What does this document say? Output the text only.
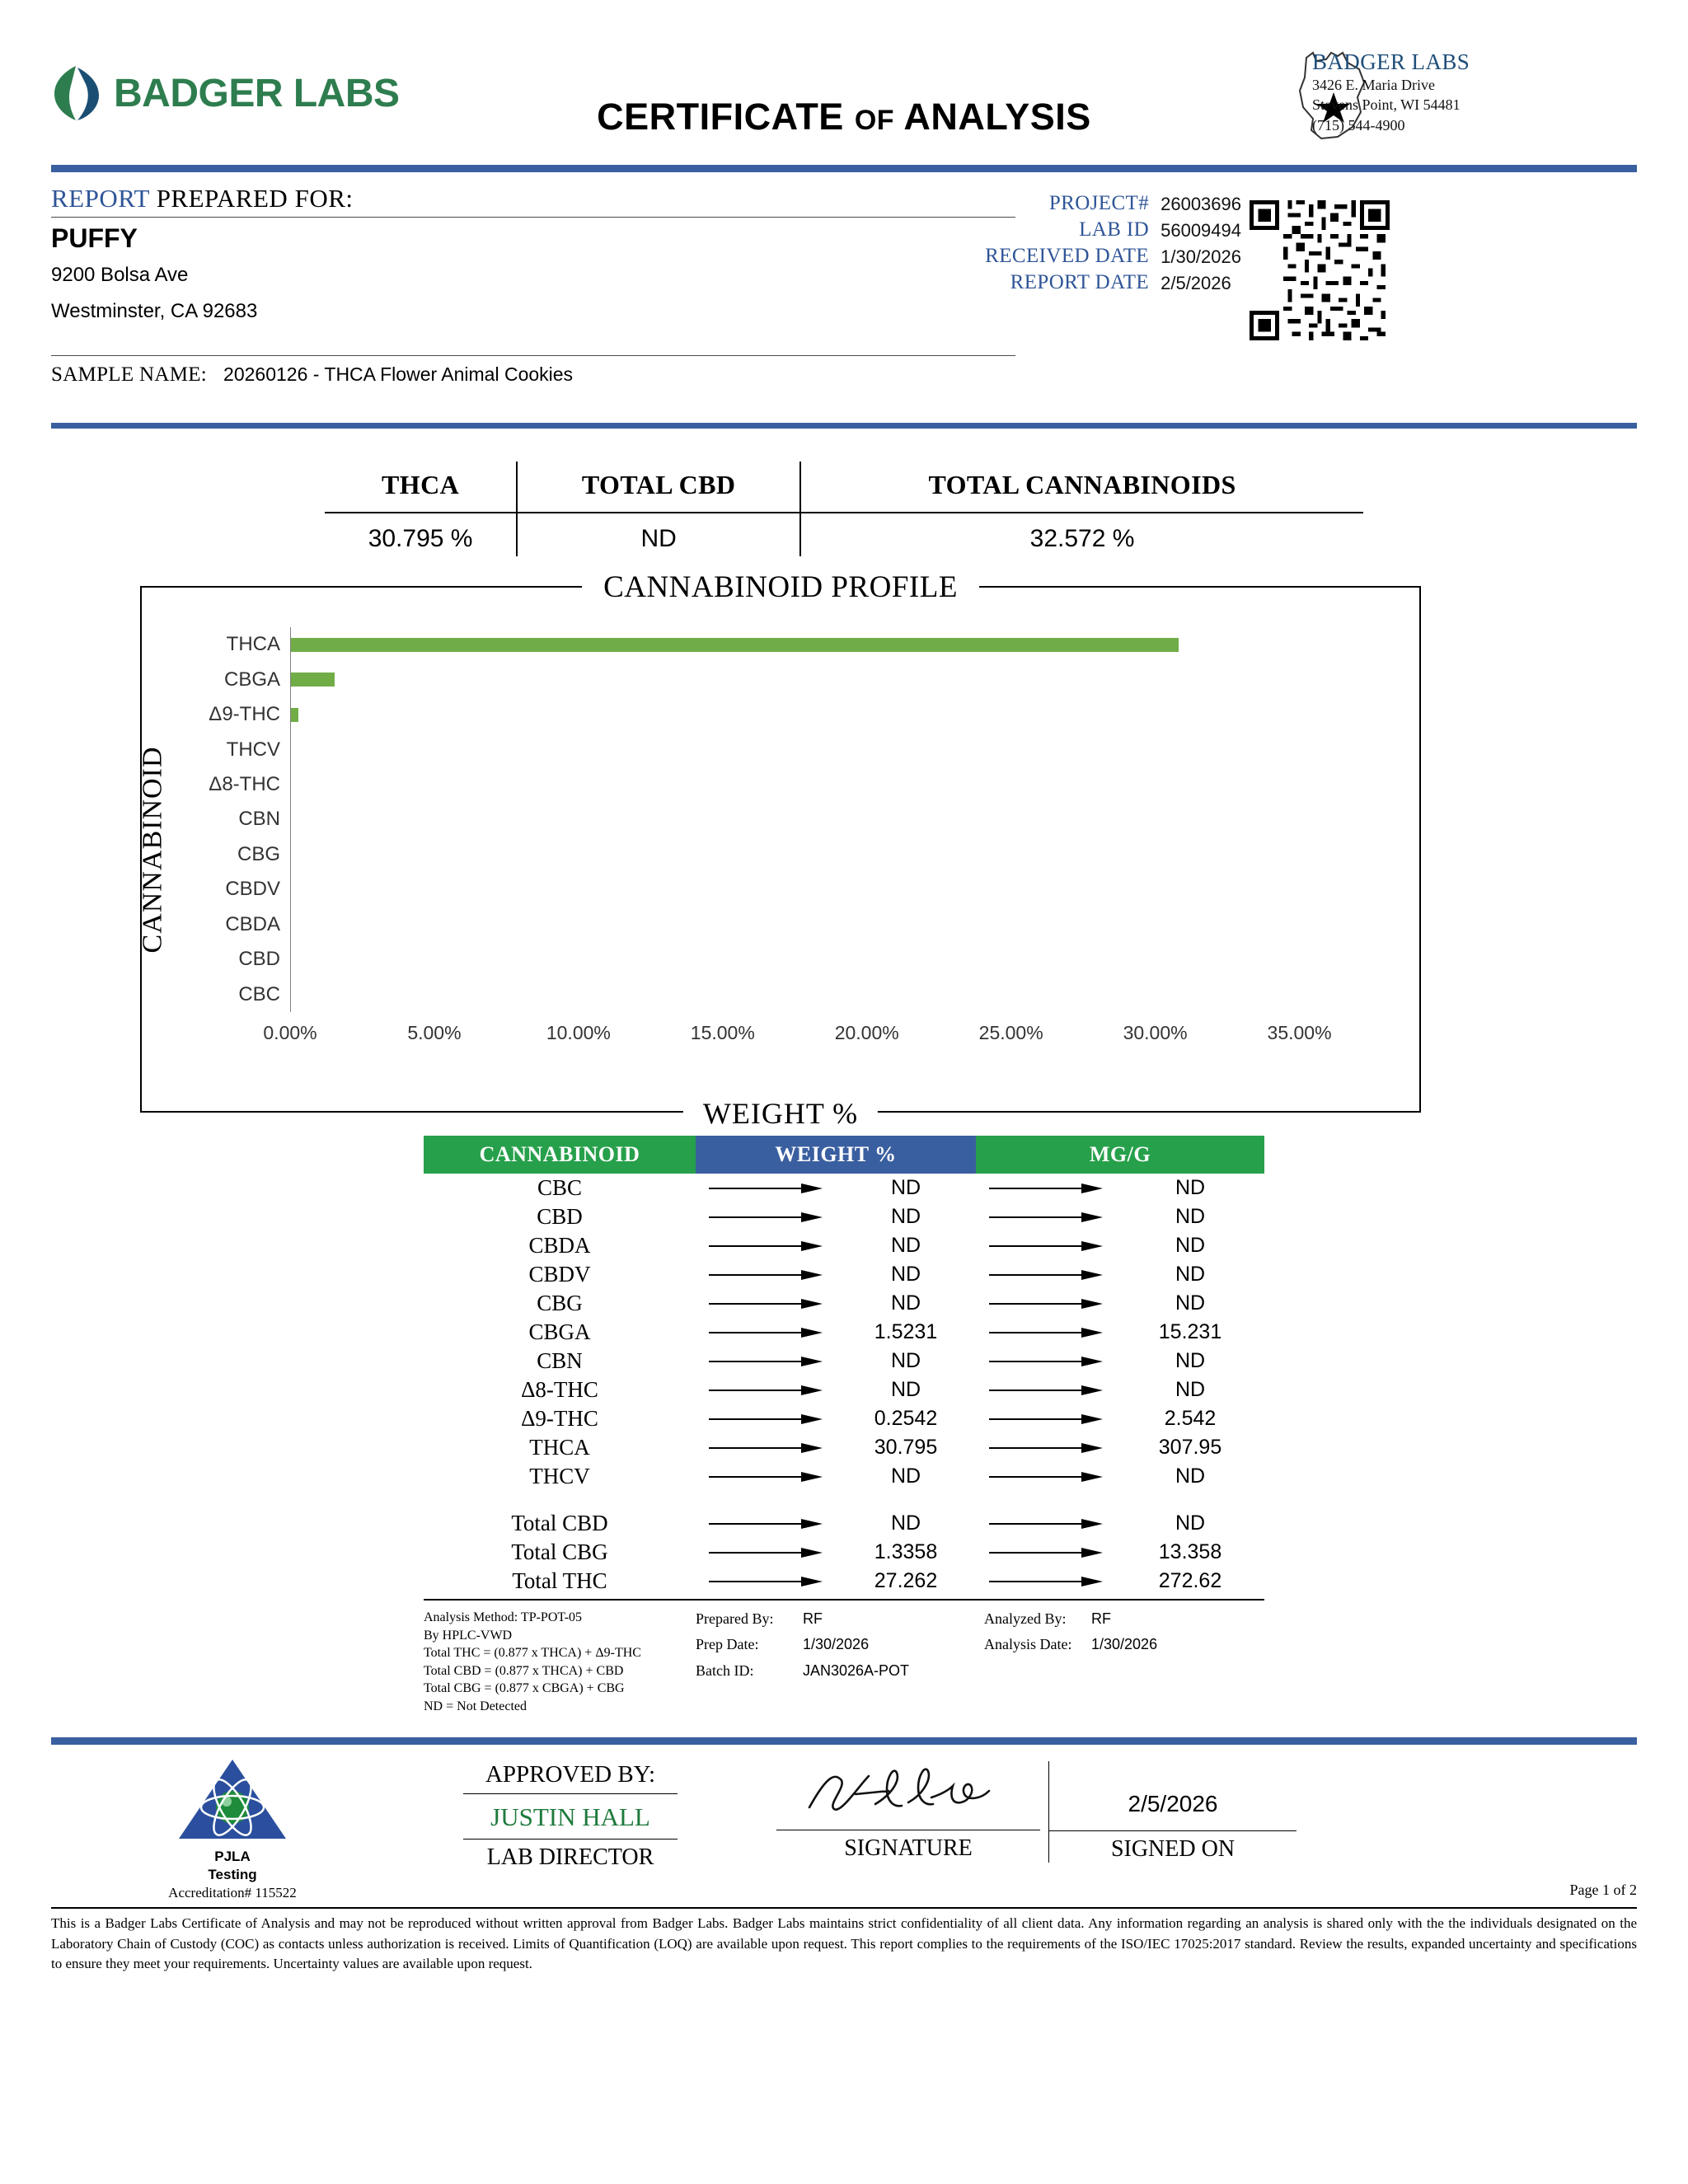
BADGER LABS
CERTIFICATE OF ANALYSIS
BADGER LABS
3426 E. Maria Drive
Stevens Point, WI 54481
(715) 544-4900
REPORT PREPARED FOR:
PUFFY
9200 Bolsa Ave
Westminster, CA 92683
PROJECT#	26003696
LAB ID	56009494
RECEIVED DATE	1/30/2026
REPORT DATE	2/5/2026
SAMPLE NAME: 20260126 - THCA Flower Animal Cookies
THCA	TOTAL CBD	TOTAL CANNABINOIDS
30.795 %	ND	32.572 %
CANNABINOID PROFILE
CANNABINOID
WEIGHT %
THCA
CBGA
Δ9-THC
THCV
Δ8-THC
CBN
CBG
CBDV
CBDA
CBD
CBC
0.00%	5.00%	10.00%	15.00%	20.00%	25.00%	30.00%	35.00%
CANNABINOID	WEIGHT %	MG/G
CBC	ND	ND
CBD	ND	ND
CBDA	ND	ND
CBDV	ND	ND
CBG	ND	ND
CBGA	1.5231	15.231
CBN	ND	ND
Δ8-THC	ND	ND
Δ9-THC	0.2542	2.542
THCA	30.795	307.95
THCV	ND	ND
Total CBD	ND	ND
Total CBG	1.3358	13.358
Total THC	27.262	272.62
Analysis Method: TP-POT-05
By HPLC-VWD
Total THC = (0.877 x THCA) + Δ9-THC
Total CBD = (0.877 x THCA) + CBD
Total CBG = (0.877 x CBGA) + CBG
ND = Not Detected
Prepared By:	RF
Prep Date:	1/30/2026
Batch ID:	JAN3026A-POT
Analyzed By:	RF
Analysis Date:	1/30/2026
PJLA
Testing
Accreditation# 115522
APPROVED BY:
JUSTIN HALL
LAB DIRECTOR	SIGNATURE
2/5/2026
SIGNED ON
Page 1 of 2
This is a Badger Labs Certificate of Analysis and may not be reproduced without written approval from Badger Labs. Badger Labs maintains strict confidentiality of all client data. Any information regarding an analysis is shared only with the the individuals designated on the Laboratory Chain of Custody (COC) as contacts unless authorization is received. Limits of Quantification (LOQ) are available upon request. This report complies to the requirements of the ISO/IEC 17025:2017 standard. Review the results, expanded uncertainty and specifications to ensure they meet your requirements. Uncertainty values are available upon request.
